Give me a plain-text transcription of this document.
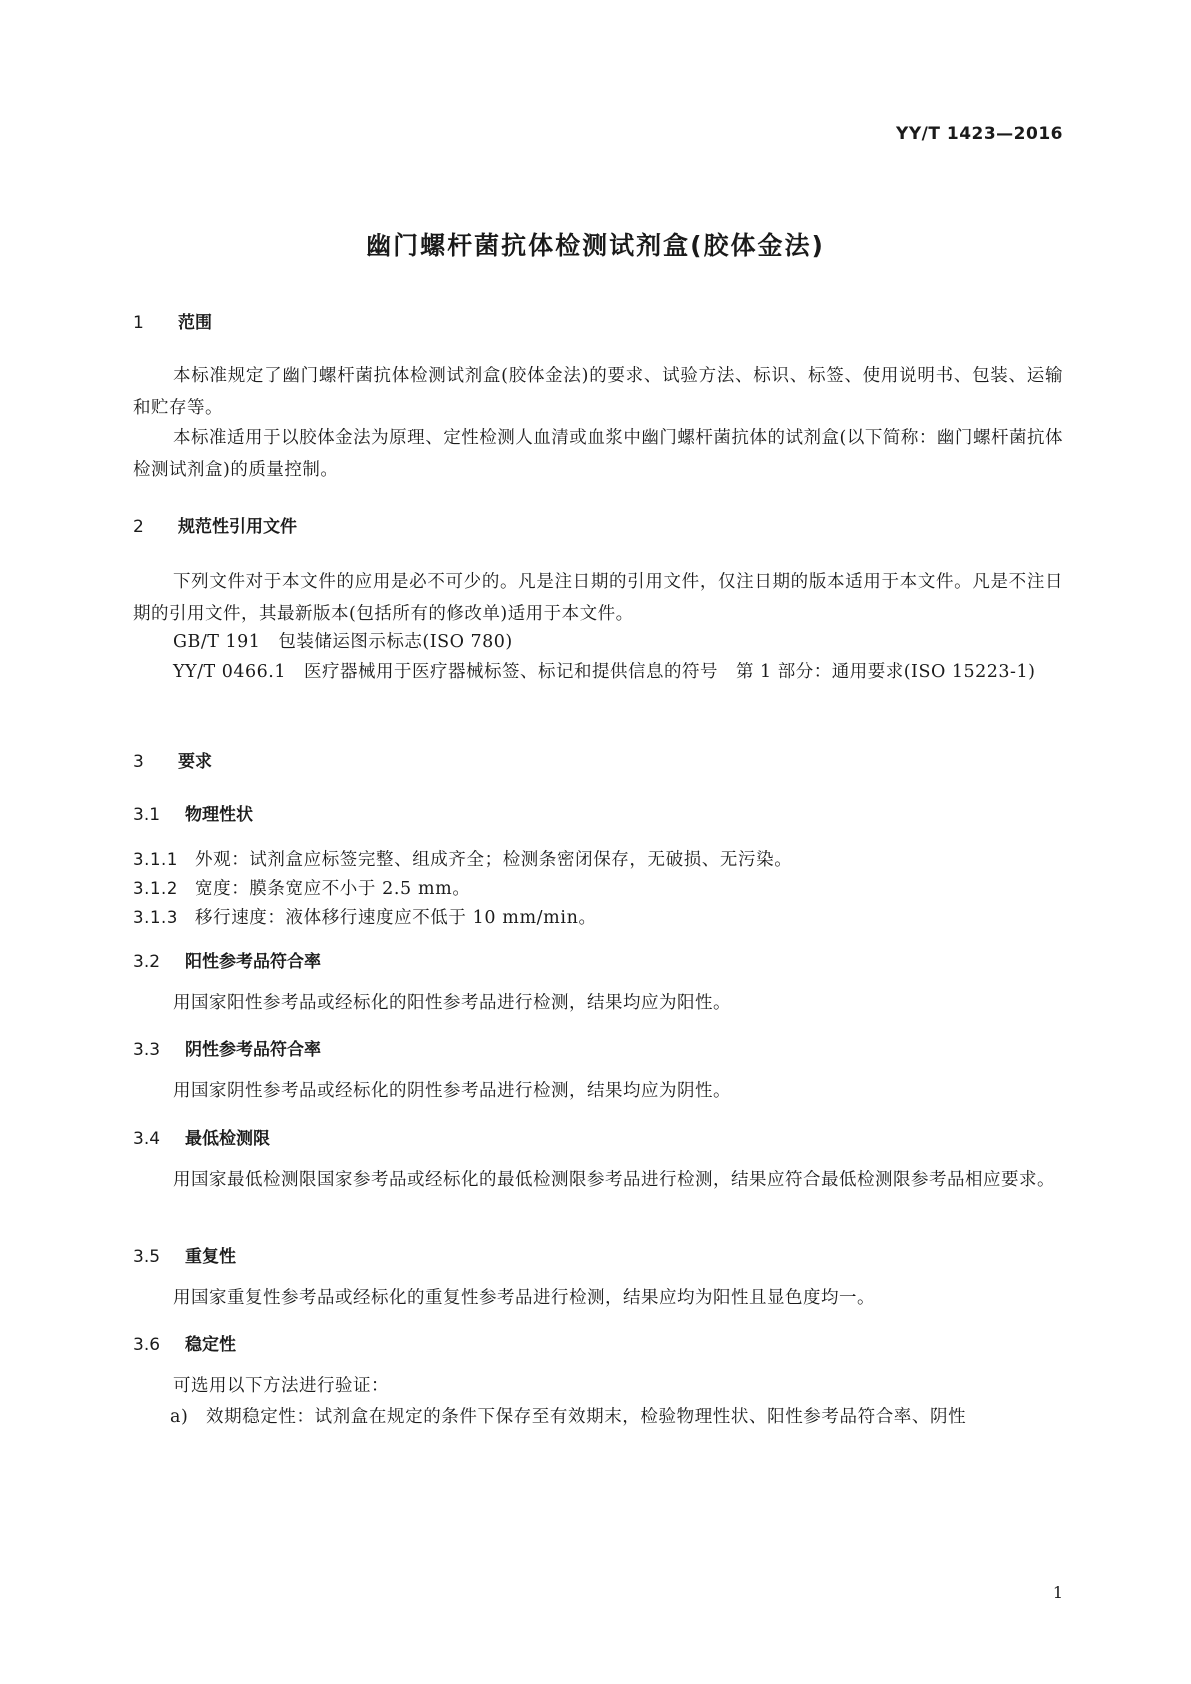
YY/T 1423—2016
幽门螺杆菌抗体检测试剂盒(胶体金法)
1 范围
本标准规定了幽门螺杆菌抗体检测试剂盒(胶体金法)的要求、试验方法、标识、标签、使用说明书、包装、运输和贮存等。
本标准适用于以胶体金法为原理、定性检测人血清或血浆中幽门螺杆菌抗体的试剂盒(以下简称：幽门螺杆菌抗体检测试剂盒)的质量控制。
2 规范性引用文件
下列文件对于本文件的应用是必不可少的。凡是注日期的引用文件，仅注日期的版本适用于本文件。凡是不注日期的引用文件，其最新版本(包括所有的修改单)适用于本文件。
GB/T 191　包装储运图示标志(ISO 780)
YY/T 0466.1　医疗器械用于医疗器械标签、标记和提供信息的符号　第 1 部分：通用要求(ISO 15223-1)
3 要求
3.1 物理性状
3.1.1 外观：试剂盒应标签完整、组成齐全；检测条密闭保存，无破损、无污染。
3.1.2 宽度：膜条宽应不小于 2.5 mm。
3.1.3 移行速度：液体移行速度应不低于 10 mm/min。
3.2 阳性参考品符合率
用国家阳性参考品或经标化的阳性参考品进行检测，结果均应为阳性。
3.3 阴性参考品符合率
用国家阴性参考品或经标化的阴性参考品进行检测，结果均应为阴性。
3.4 最低检测限
用国家最低检测限国家参考品或经标化的最低检测限参考品进行检测，结果应符合最低检测限参考品相应要求。
3.5 重复性
用国家重复性参考品或经标化的重复性参考品进行检测，结果应均为阳性且显色度均一。
3.6 稳定性
可选用以下方法进行验证：
a) 效期稳定性：试剂盒在规定的条件下保存至有效期末，检验物理性状、阳性参考品符合率、阴性
1
